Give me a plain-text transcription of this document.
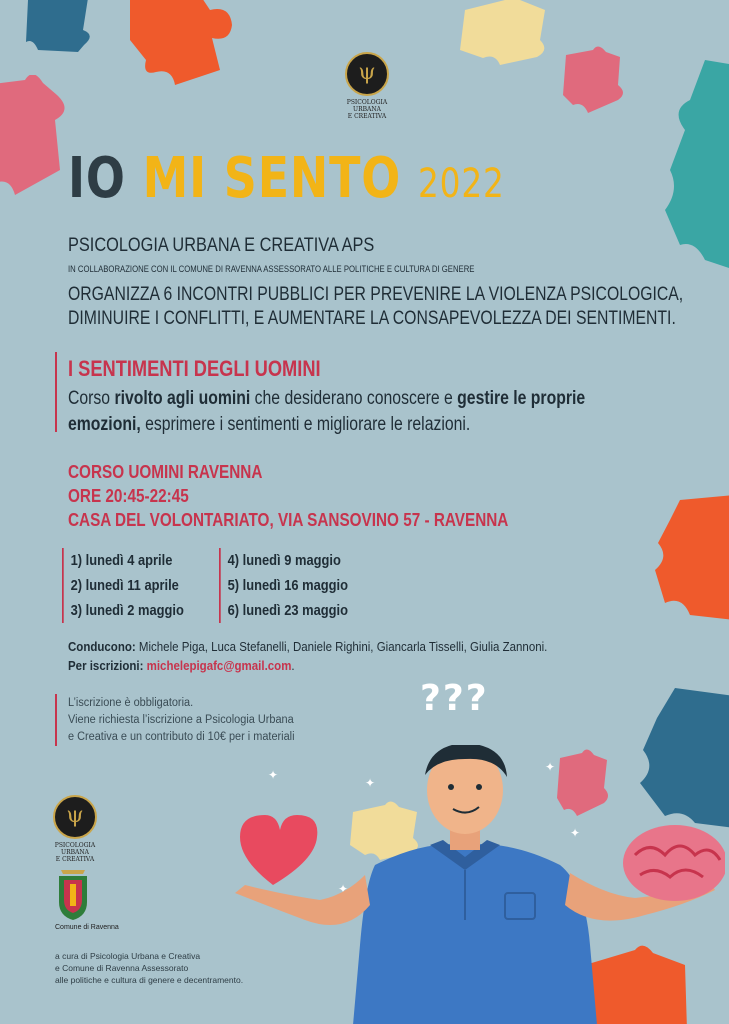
ψ
PSICOLOGIA URBANA
E CREATIVA
IO MI SENTO 2022

PSICOLOGIA URBANA E CREATIVA APS

IN COLLABORAZIONE CON IL COMUNE DI RAVENNA ASSESSORATO ALLE POLITICHE E CULTURA DI GENERE

ORGANIZZA 6 INCONTRI PUBBLICI PER PREVENIRE LA VIOLENZA PSICOLOGICA,
DIMINUIRE I CONFLITTI, E AUMENTARE LA CONSAPEVOLEZZA DEI SENTIMENTI.
I SENTIMENTI DEGLI UOMINI
Corso rivolto agli uomini che desiderano conoscere e gestire le proprie
emozioni, esprimere i sentimenti e migliorare le relazioni.
CORSO UOMINI RAVENNA
ORE 20:45-22:45
CASA DEL VOLONTARIATO, VIA SANSOVINO 57 - RAVENNA
1) lunedì 4 aprile
2) lunedì 11 aprile
3) lunedì 2 maggio
4) lunedì 9 maggio
5) lunedì 16 maggio
6) lunedì 23 maggio

Conducono: Michele Piga, Luca Stefanelli, Daniele Righini, Giancarla Tisselli, Giulia Zannoni.

Per iscrizioni: michelepigafc@gmail.com.

L’iscrizione è obbligatoria.
Viene richiesta l’iscrizione a Psicologia Urbana
e Creativa e un contributo di 10€ per i materiali
ψ
PSICOLOGIA URBANA
E CREATIVA

Comune di Ravenna

a cura di Psicologia Urbana e Creativa
e Comune di Ravenna Assessorato
alle politiche e cultura di genere e decentramento.
???
✦
✦
✦
✦
✦
